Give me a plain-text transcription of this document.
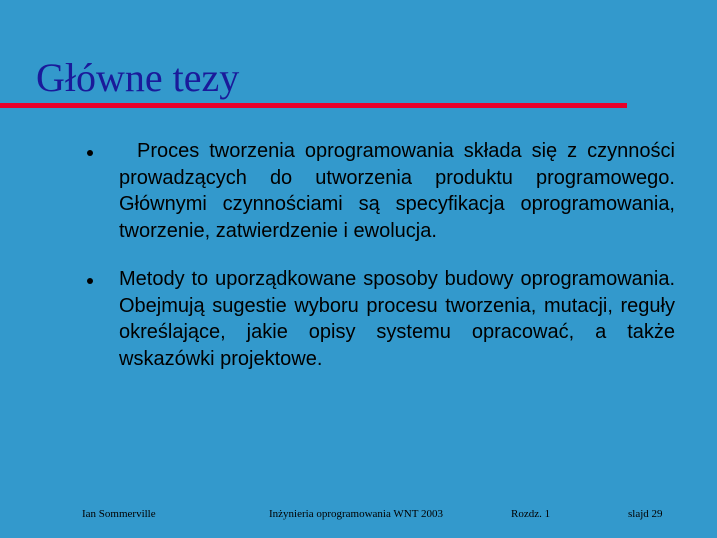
Główne tezy
Proces tworzenia oprogramowania składa się z czynności prowadzących do utworzenia produktu programowego. Głównymi czynnościami są specyfikacja oprogramowania, tworzenie, zatwierdzenie i ewolucja.
Metody to uporządkowane sposoby budowy oprogramowania. Obejmują sugestie wyboru procesu tworzenia, mutacji, reguły określające, jakie opisy systemu opracować, a także wskazówki projektowe.
Ian Sommerville	Inżynieria oprogramowania WNT 2003	Rozdz. 1	slajd 29
